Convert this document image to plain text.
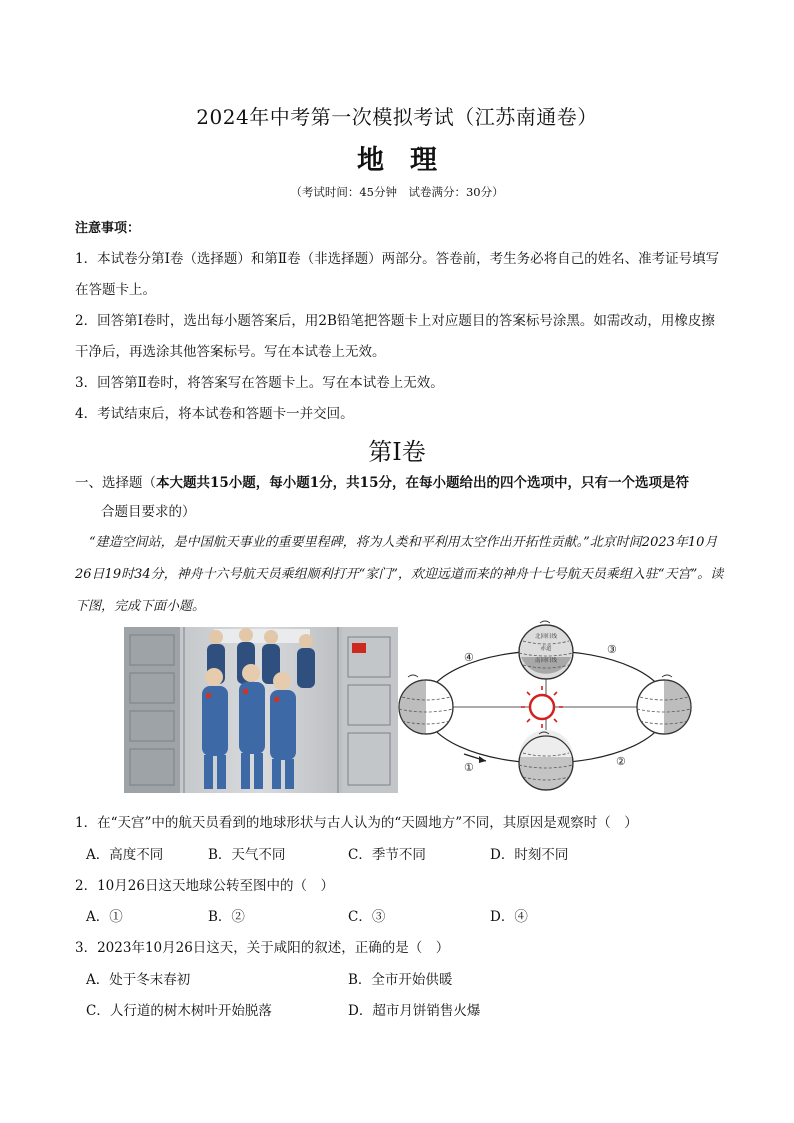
2024年中考第一次模拟考试（江苏南通卷）
地理
（考试时间：45分钟　试卷满分：30分）
注意事项：
1．本试卷分第Ⅰ卷（选择题）和第Ⅱ卷（非选择题）两部分。答卷前，考生务必将自己的姓名、准考证号填写在答题卡上。
2．回答第Ⅰ卷时，选出每小题答案后，用2B铅笔把答题卡上对应题目的答案标号涂黑。如需改动，用橡皮擦干净后，再选涂其他答案标号。写在本试卷上无效。
3．回答第Ⅱ卷时，将答案写在答题卡上。写在本试卷上无效。
4．考试结束后，将本试卷和答题卡一并交回。
第Ⅰ卷
一、选择题（本大题共15小题，每小题1分，共15分，在每小题给出的四个选项中，只有一个选项是符
合题目要求的）
“建造空间站，是中国航天事业的重要里程碑，将为人类和平利用太空作出开拓性贡献。”北京时间2023年10月26日19时34分，神舟十六号航天员乘组顺利打开“家门”，欢迎远道而来的神舟十七号航天员乘组入驻“天宫”。读下图，完成下面小题。
北回归线
赤道
南回归线
④
③
①	②
1．在“天宫”中的航天员看到的地球形状与古人认为的“天圆地方”不同，其原因是观察时（　）
A．高度不同	B．天气不同	C．季节不同	D．时刻不同
2．10月26日这天地球公转至图中的（　）
A．①	B．②	C．③	D．④
3．2023年10月26日这天，关于咸阳的叙述，正确的是（　）
A．处于冬末春初	B．全市开始供暖
C．人行道的树木树叶开始脱落	D．超市月饼销售火爆
